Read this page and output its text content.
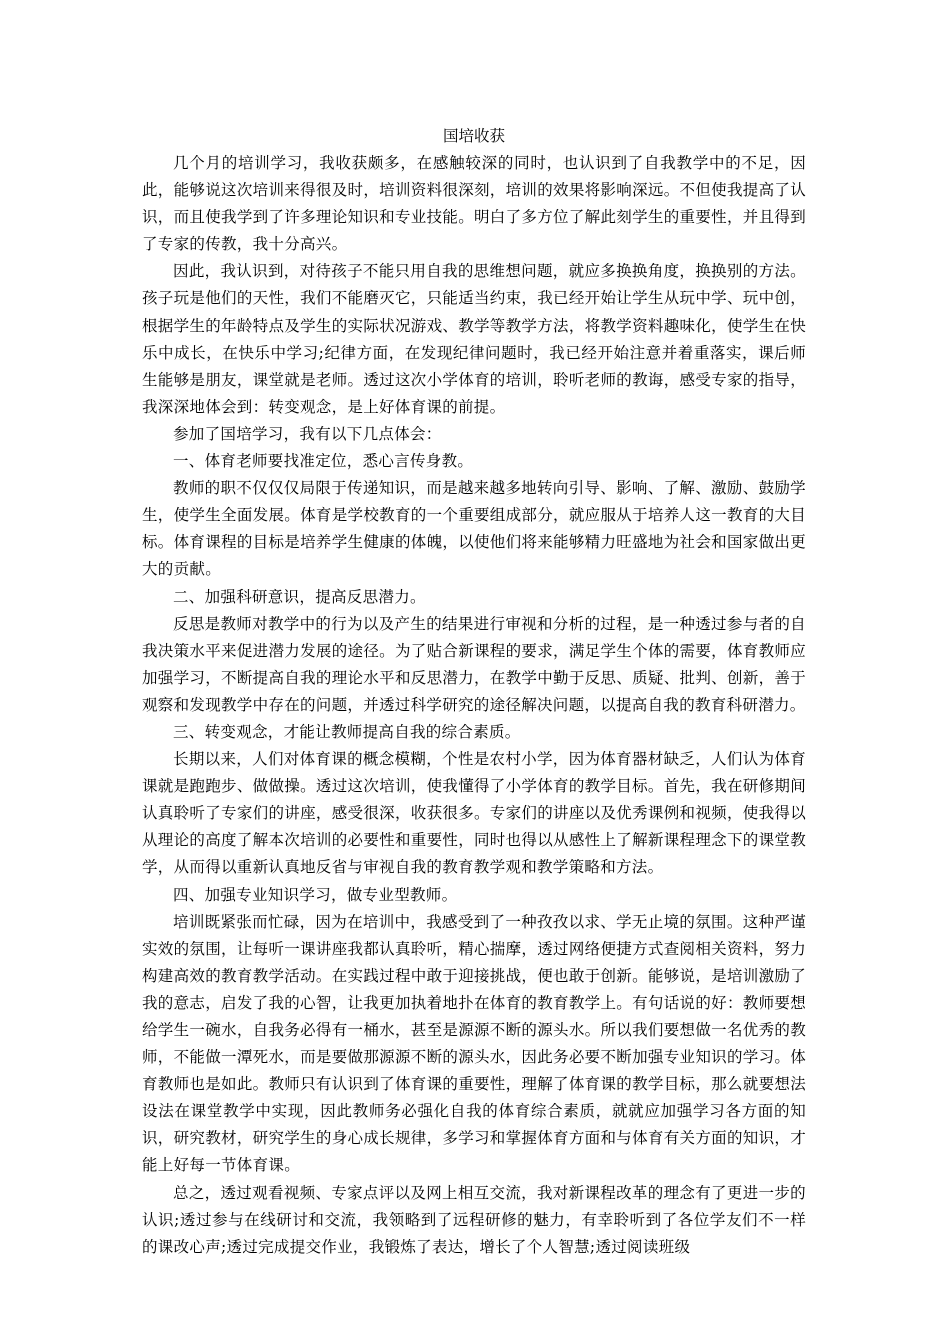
国培收获

几个月的培训学习，我收获颇多，在感触较深的同时，也认识到了自我教学中的不足，因此，能够说这次培训来得很及时，培训资料很深刻，培训的效果将影响深远。不但使我提高了认识，而且使我学到了许多理论知识和专业技能。明白了多方位了解此刻学生的重要性，并且得到了专家的传教，我十分高兴。

因此，我认识到，对待孩子不能只用自我的思维想问题，就应多换换角度，换换别的方法。孩子玩是他们的天性，我们不能磨灭它，只能适当约束，我已经开始让学生从玩中学、玩中创，根据学生的年龄特点及学生的实际状况游戏、教学等教学方法，将教学资料趣味化，使学生在快乐中成长，在快乐中学习;纪律方面，在发现纪律问题时，我已经开始注意并着重落实，课后师生能够是朋友，课堂就是老师。透过这次小学体育的培训，聆听老师的教诲，感受专家的指导，我深深地体会到：转变观念，是上好体育课的前提。

参加了国培学习，我有以下几点体会：

一、体育老师要找准定位，悉心言传身教。

教师的职不仅仅仅局限于传递知识，而是越来越多地转向引导、影响、了解、激励、鼓励学生，使学生全面发展。体育是学校教育的一个重要组成部分，就应服从于培养人这一教育的大目标。体育课程的目标是培养学生健康的体魄，以使他们将来能够精力旺盛地为社会和国家做出更大的贡献。

二、加强科研意识，提高反思潜力。

反思是教师对教学中的行为以及产生的结果进行审视和分析的过程，是一种透过参与者的自我决策水平来促进潜力发展的途径。为了贴合新课程的要求，满足学生个体的需要，体育教师应加强学习，不断提高自我的理论水平和反思潜力，在教学中勤于反思、质疑、批判、创新，善于观察和发现教学中存在的问题，并透过科学研究的途径解决问题，以提高自我的教育科研潜力。

三、转变观念，才能让教师提高自我的综合素质。

长期以来，人们对体育课的概念模糊，个性是农村小学，因为体育器材缺乏，人们认为体育课就是跑跑步、做做操。透过这次培训，使我懂得了小学体育的教学目标。首先，我在研修期间认真聆听了专家们的讲座，感受很深，收获很多。专家们的讲座以及优秀课例和视频，使我得以从理论的高度了解本次培训的必要性和重要性，同时也得以从感性上了解新课程理念下的课堂教学，从而得以重新认真地反省与审视自我的教育教学观和教学策略和方法。

四、加强专业知识学习，做专业型教师。

培训既紧张而忙碌，因为在培训中，我感受到了一种孜孜以求、学无止境的氛围。这种严谨实效的氛围，让每听一课讲座我都认真聆听，精心揣摩，透过网络便捷方式查阅相关资料，努力构建高效的教育教学活动。在实践过程中敢于迎接挑战，便也敢于创新。能够说，是培训激励了我的意志，启发了我的心智，让我更加执着地扑在体育的教育教学上。有句话说的好：教师要想给学生一碗水，自我务必得有一桶水，甚至是源源不断的源头水。所以我们要想做一名优秀的教师，不能做一潭死水，而是要做那源源不断的源头水，因此务必要不断加强专业知识的学习。体育教师也是如此。教师只有认识到了体育课的重要性，理解了体育课的教学目标，那么就要想法设法在课堂教学中实现，因此教师务必强化自我的体育综合素质，就就应加强学习各方面的知识，研究教材，研究学生的身心成长规律，多学习和掌握体育方面和与体育有关方面的知识，才能上好每一节体育课。

总之，透过观看视频、专家点评以及网上相互交流，我对新课程改革的理念有了更进一步的认识;透过参与在线研讨和交流，我领略到了远程研修的魅力，有幸聆听到了各位学友们不一样的课改心声;透过完成提交作业，我锻炼了表达，增长了个人智慧;透过阅读班级
